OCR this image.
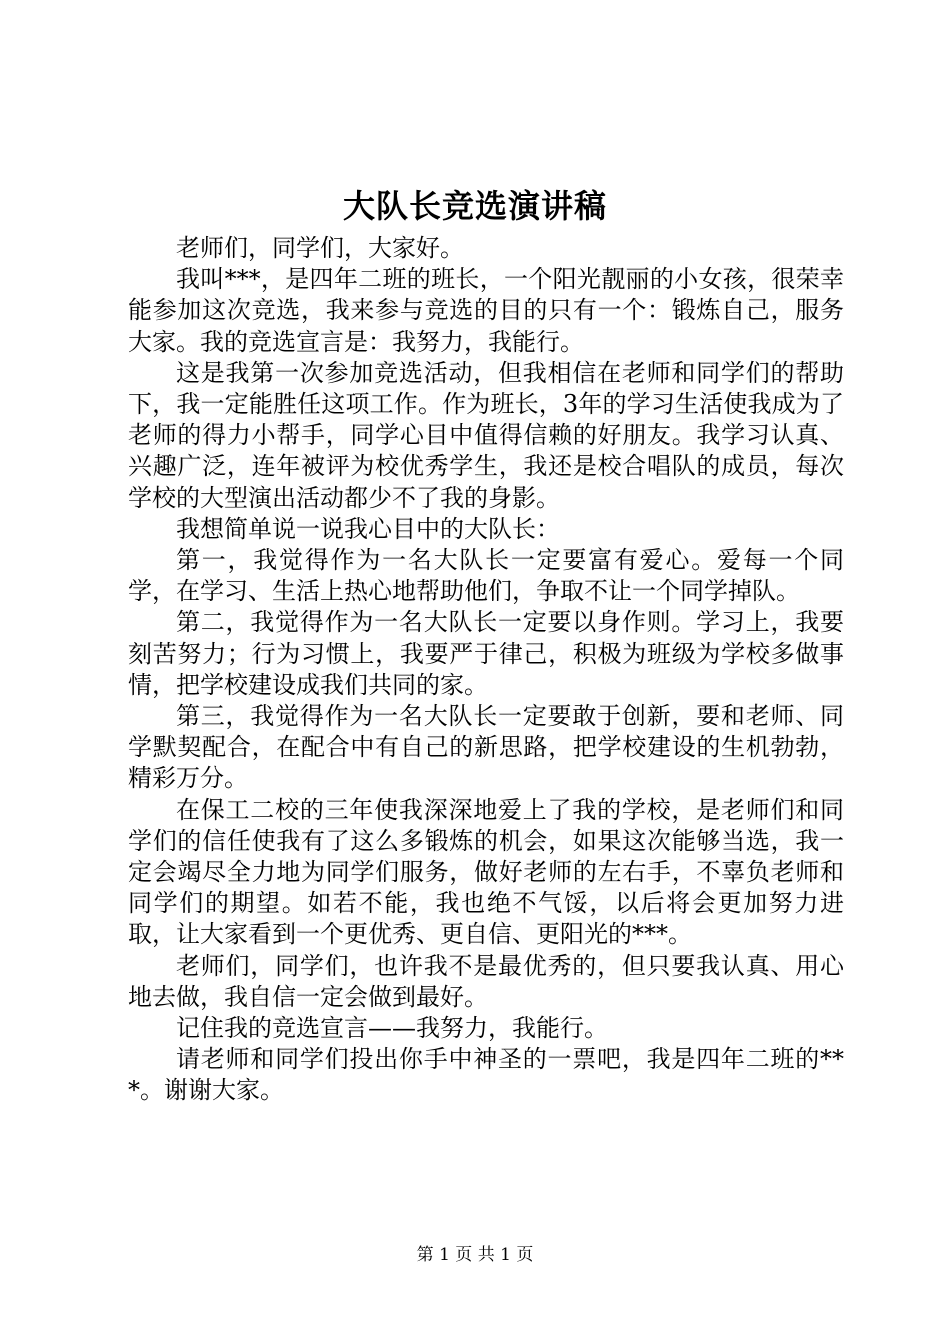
大队长竞选演讲稿

老师们，同学们，大家好。

我叫***，是四年二班的班长，一个阳光靓丽的小女孩，很荣幸能参加这次竞选，我来参与竞选的目的只有一个：锻炼自己，服务大家。我的竞选宣言是：我努力，我能行。

这是我第一次参加竞选活动，但我相信在老师和同学们的帮助下，我一定能胜任这项工作。作为班长，3年的学习生活使我成为了老师的得力小帮手，同学心目中值得信赖的好朋友。我学习认真、兴趣广泛，连年被评为校优秀学生，我还是校合唱队的成员，每次学校的大型演出活动都少不了我的身影。

我想简单说一说我心目中的大队长：

第一，我觉得作为一名大队长一定要富有爱心。爱每一个同学，在学习、生活上热心地帮助他们，争取不让一个同学掉队。

第二，我觉得作为一名大队长一定要以身作则。学习上，我要刻苦努力；行为习惯上，我要严于律己，积极为班级为学校多做事情，把学校建设成我们共同的家。

第三，我觉得作为一名大队长一定要敢于创新，要和老师、同学默契配合，在配合中有自己的新思路，把学校建设的生机勃勃，精彩万分。

在保工二校的三年使我深深地爱上了我的学校，是老师们和同学们的信任使我有了这么多锻炼的机会，如果这次能够当选，我一定会竭尽全力地为同学们服务，做好老师的左右手，不辜负老师和同学们的期望。如若不能，我也绝不气馁，以后将会更加努力进取，让大家看到一个更优秀、更自信、更阳光的***。

老师们，同学们，也许我不是最优秀的，但只要我认真、用心地去做，我自信一定会做到最好。

记住我的竞选宣言——我努力，我能行。

请老师和同学们投出你手中神圣的一票吧，我是四年二班的***。谢谢大家。

第 1 页 共 1 页
